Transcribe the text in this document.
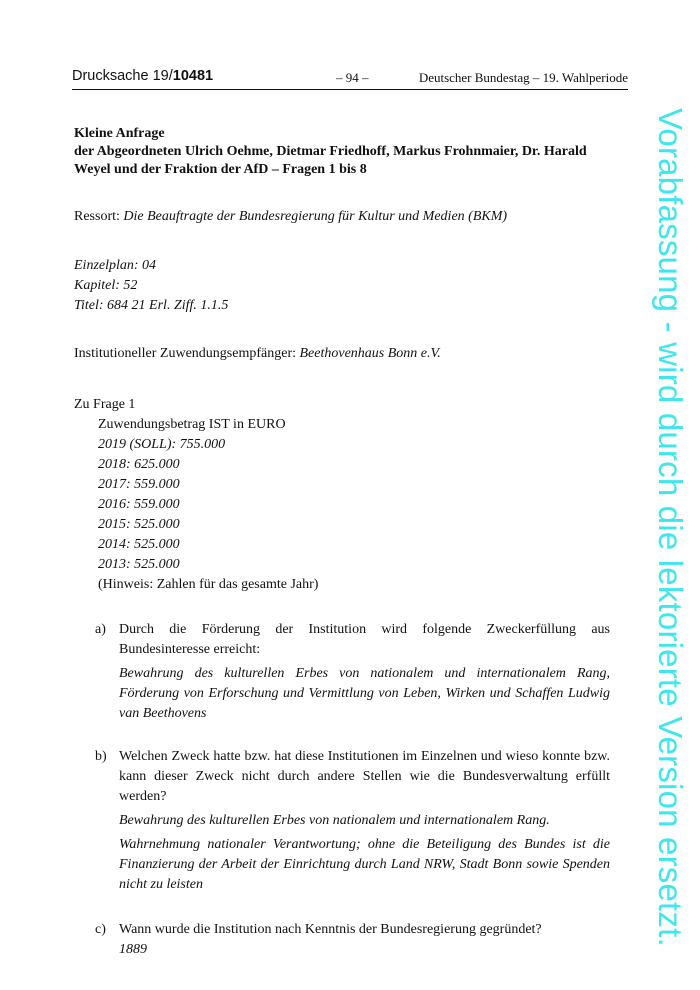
Drucksache 19/10481	– 94 –	Deutscher Bundestag – 19. Wahlperiode
Kleine Anfrage
der Abgeordneten Ulrich Oehme, Dietmar Friedhoff, Markus Frohnmaier, Dr. Harald
Weyel und der Fraktion der AfD – Fragen 1 bis 8

Ressort: Die Beauftragte der Bundesregierung für Kultur und Medien (BKM)

Einzelplan: 04
Kapitel: 52
Titel: 684 21 Erl. Ziff. 1.1.5

Institutioneller Zuwendungsempfänger: Beethovenhaus Bonn e.V.

Zu Frage 1

Zuwendungsbetrag IST in EURO
2019 (SOLL): 755.000
2018: 625.000
2017: 559.000
2016: 559.000
2015: 525.000
2014: 525.000
2013: 525.000
(Hinweis: Zahlen für das gesamte Jahr)
a) Durch die Förderung der Institution wird folgende Zweckerfüllung aus Bundesinteresse erreicht:

Bewahrung des kulturellen Erbes von nationalem und internationalem Rang, Förderung von Erforschung und Vermittlung von Leben, Wirken und Schaffen Ludwig van Beethovens

b) Welchen Zweck hatte bzw. hat diese Institutionen im Einzelnen und wieso konnte bzw. kann dieser Zweck nicht durch andere Stellen wie die Bundesverwaltung erfüllt werden?

Bewahrung des kulturellen Erbes von nationalem und internationalem Rang.

Wahrnehmung nationaler Verantwortung; ohne die Beteiligung des Bundes ist die Finanzierung der Arbeit der Einrichtung durch Land NRW, Stadt Bonn sowie Spenden nicht zu leisten

c) Wann wurde die Institution nach Kenntnis der Bundesregierung gegründet?

1889

Vorabfassung - wird durch die lektorierte Version ersetzt.
